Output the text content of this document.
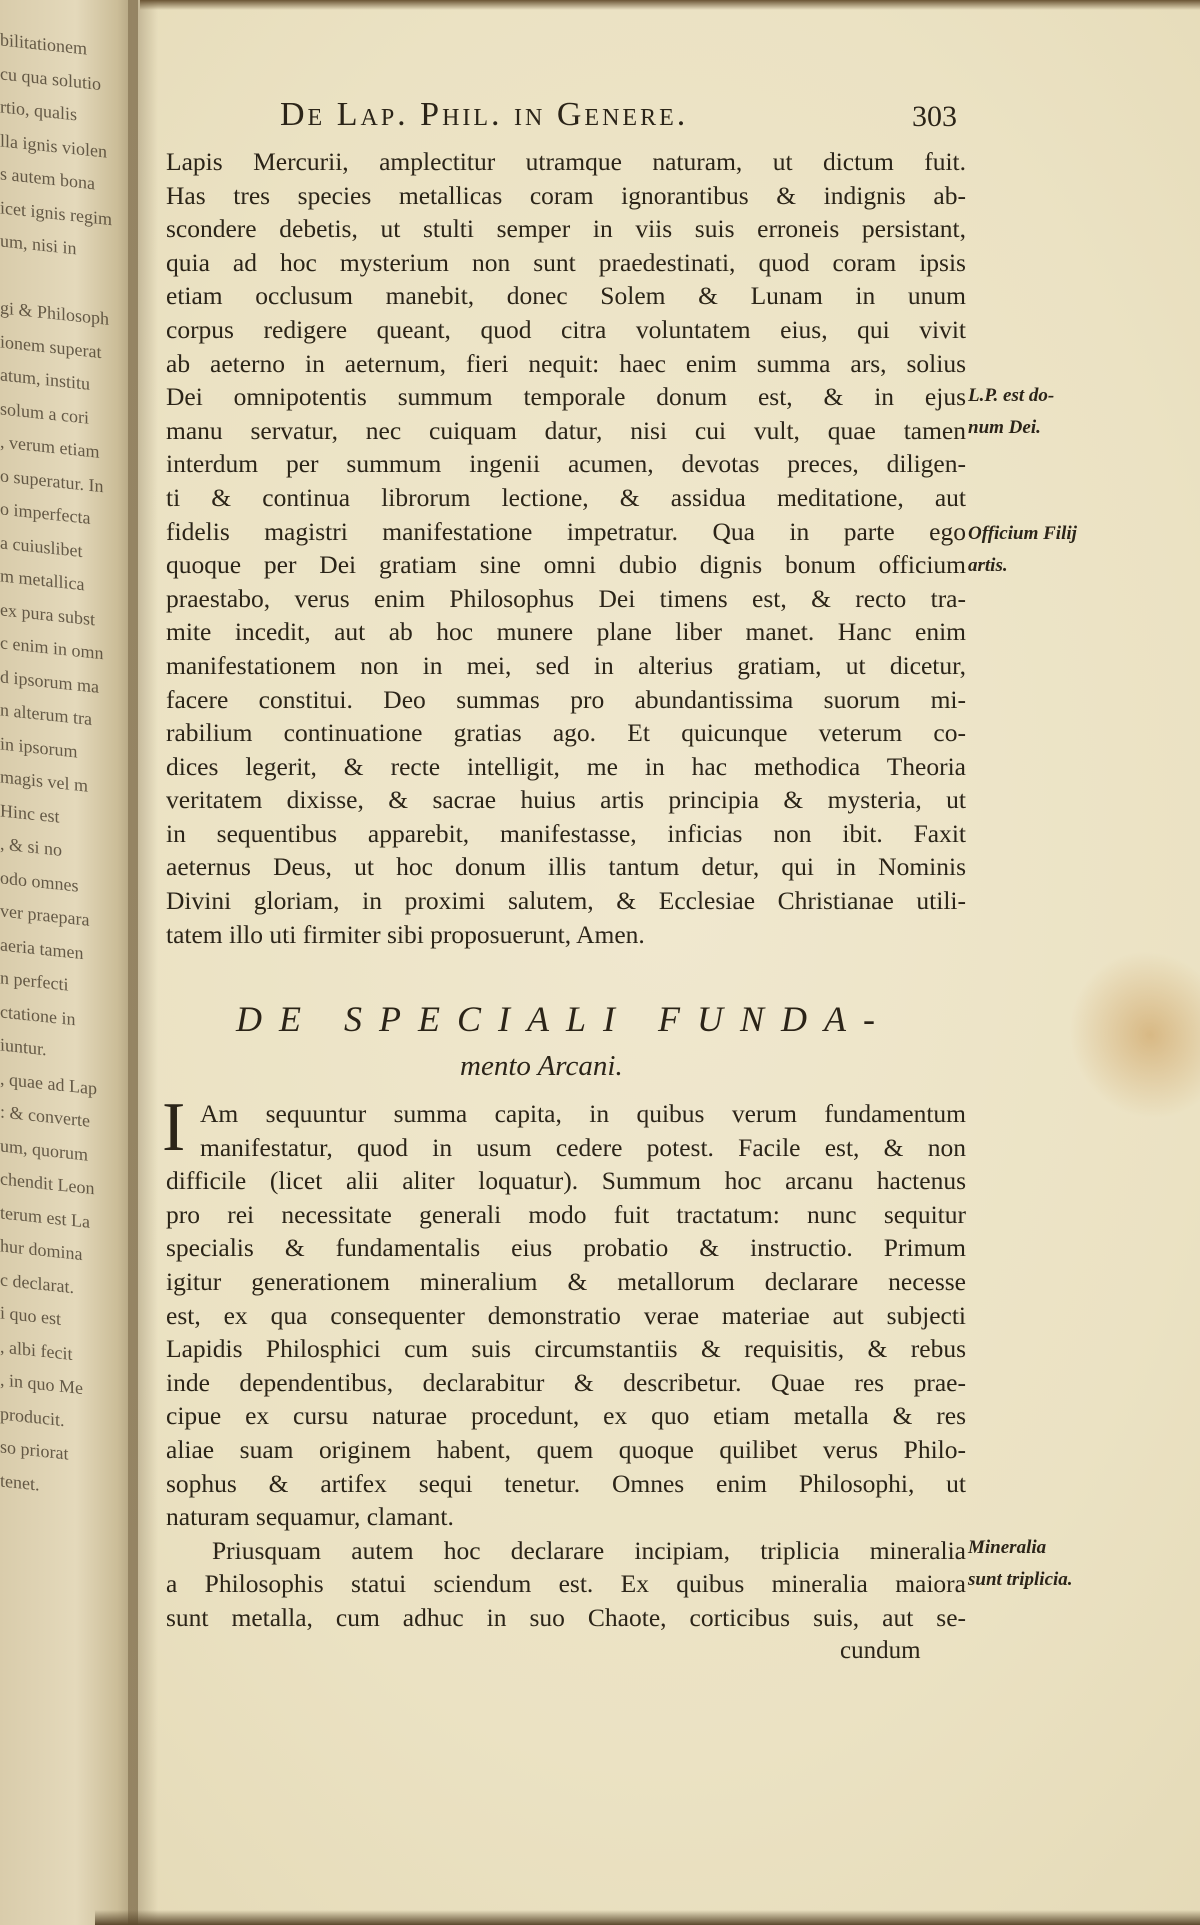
bilitationem
cu qua solutio
rtio, qualis
lla ignis violen
s autem bona
icet ignis regim
um, nisi in
gi & Philosoph
ionem superat
atum, institu
solum a cori
, verum etiam
o superatur. In
o imperfecta
a cuiuslibet
m metallica
ex pura subst
c enim in omn
d ipsorum ma
n alterum tra
in ipsorum
magis vel m
Hinc est
, & si no
odo omnes
ver praepara
aeria tamen
n perfecti
ctatione in
iuntur.
, quae ad Lap
: & converte
um, quorum
chendit Leon
terum est La
hur domina
c declarat.
i quo est
, albi fecit
, in quo Me
producit.
so priorat
tenet.
De Lap. Phil. in Genere.	303
Lapis Mercurii, amplectitur utramque naturam, ut dictum fuit.
Has tres species metallicas coram ignorantibus & indignis ab-
scondere debetis, ut stulti semper in viis suis erroneis persistant,
quia ad hoc mysterium non sunt praedestinati, quod coram ipsis
etiam occlusum manebit, donec Solem & Lunam in unum
corpus redigere queant, quod citra voluntatem eius, qui vivit
ab aeterno in aeternum, fieri nequit: haec enim summa ars, solius
Dei omnipotentis summum temporale donum est, & in ejus
manu servatur, nec cuiquam datur, nisi cui vult, quae tamen
interdum per summum ingenii acumen, devotas preces, diligen-
ti & continua librorum lectione, & assidua meditatione, aut
fidelis magistri manifestatione impetratur. Qua in parte ego
quoque per Dei gratiam sine omni dubio dignis bonum officium
praestabo, verus enim Philosophus Dei timens est, & recto tra-
mite incedit, aut ab hoc munere plane liber manet. Hanc enim
manifestationem non in mei, sed in alterius gratiam, ut dicetur,
facere constitui. Deo summas pro abundantissima suorum mi-
rabilium continuatione gratias ago. Et quicunque veterum co-
dices legerit, & recte intelligit, me in hac methodica Theoria
veritatem dixisse, & sacrae huius artis principia & mysteria, ut
in sequentibus apparebit, manifestasse, inficias non ibit. Faxit
aeternus Deus, ut hoc donum illis tantum detur, qui in Nominis
Divini gloriam, in proximi salutem, & Ecclesiae Christianae utili-
tatem illo uti firmiter sibi proposuerunt, Amen.
DE SPECIALI FUNDA-
mento Arcani.
I Am sequuntur summa capita, in quibus verum fundamentum
manifestatur, quod in usum cedere potest. Facile est, & non
difficile (licet alii aliter loquatur). Summum hoc arcanu hactenus
pro rei necessitate generali modo fuit tractatum: nunc sequitur
specialis & fundamentalis eius probatio & instructio. Primum
igitur generationem mineralium & metallorum declarare necesse
est, ex qua consequenter demonstratio verae materiae aut subjecti
Lapidis Philosphici cum suis circumstantiis & requisitis, & rebus
inde dependentibus, declarabitur & describetur. Quae res prae-
cipue ex cursu naturae procedunt, ex quo etiam metalla & res
aliae suam originem habent, quem quoque quilibet verus Philo-
sophus & artifex sequi tenetur. Omnes enim Philosophi, ut
naturam sequamur, clamant.
Priusquam autem hoc declarare incipiam, triplicia mineralia
a Philosophis statui sciendum est. Ex quibus mineralia maiora
sunt metalla, cum adhuc in suo Chaote, corticibus suis, aut se-
cundum
L.P. est do-
num Dei.
Officium Filij
artis.
Mineralia
sunt triplicia.
